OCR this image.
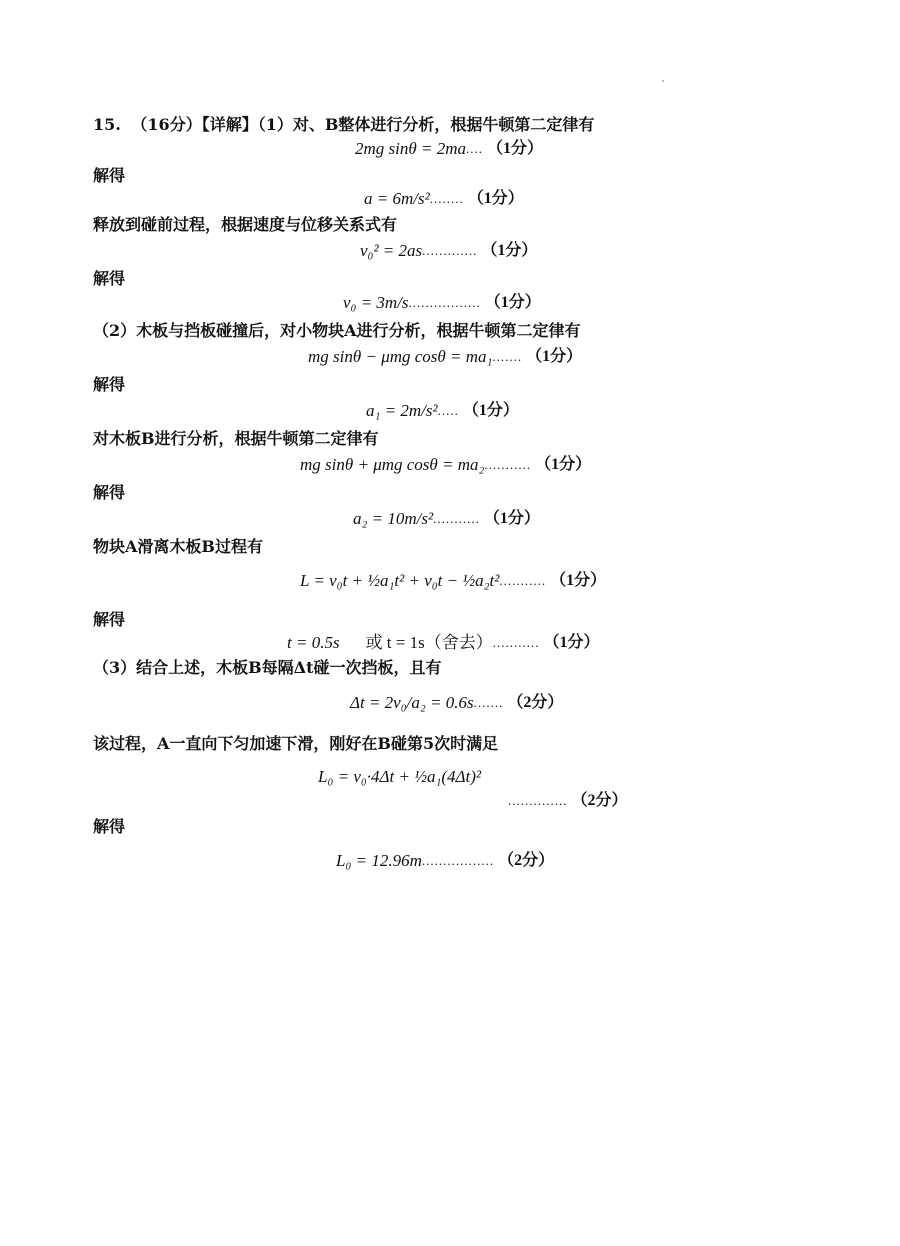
15. （16分）【详解】（1）对、B整体进行分析，根据牛顿第二定律有
2mg sinθ = 2ma .... （1分）
解得
a = 6m/s² ........ （1分）
释放到碰前过程，根据速度与位移关系式有
v₀² = 2as ............. （1分）
解得
v₀ = 3m/s ................. （1分）
（2）木板与挡板碰撞后，对小物块A进行分析，根据牛顿第二定律有
mg sinθ − μmg cosθ = ma₁ ....... （1分）
解得
a₁ = 2m/s² ..... （1分）
对木板B进行分析，根据牛顿第二定律有
mg sinθ + μmg cosθ = ma₂ ........... （1分）
解得
a₂ = 10m/s² ........... （1分）
物块A滑离木板B过程有
L = v₀t + ½a₁t² + v₀t − ½a₂t² ........... （1分）
解得
t = 0.5s 或 t = 1s（舍去） ........... （1分）
（3）结合上述，木板B每隔Δt碰一次挡板，且有
Δt = 2v₀/a₂ = 0.6s ....... （2分）
该过程，A一直向下匀加速下滑，刚好在B碰第5次时满足
L₀ = v₀·4Δt + ½a₁(4Δt)²
.............. （2分）
解得
L₀ = 12.96m ................. （2分）
